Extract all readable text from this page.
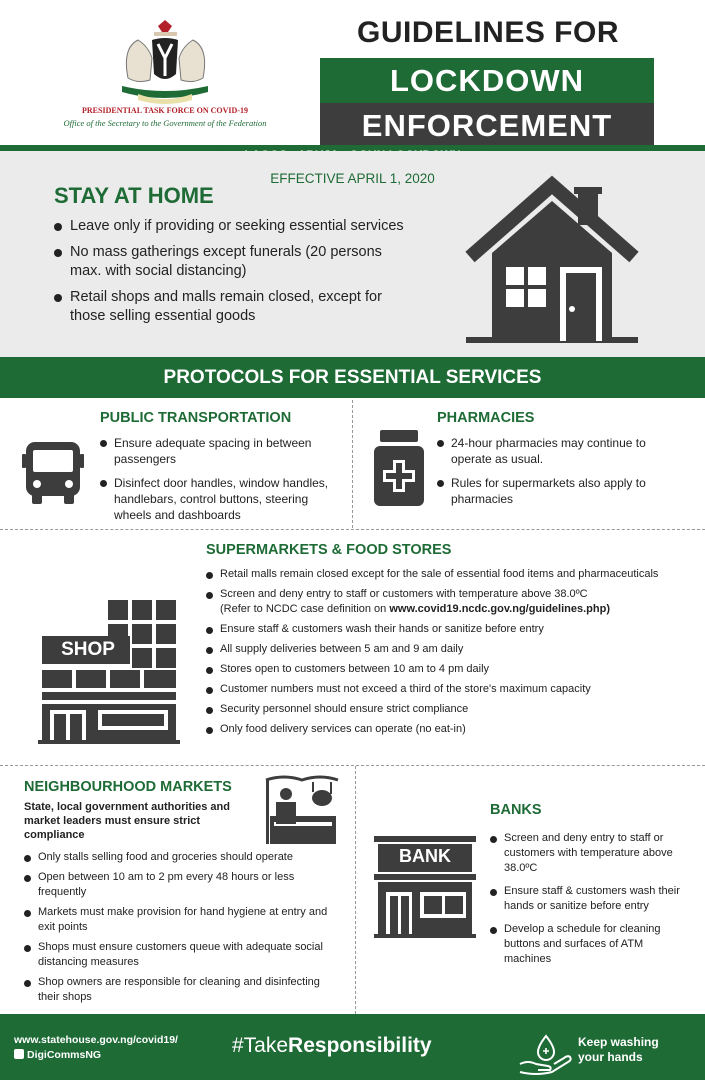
PRESIDENTIAL TASK FORCE ON COVID-19
Office of the Secretary to the Government of the Federation
GUIDELINES FOR
LOCKDOWN
ENFORCEMENT
EFFECTIVE APRIL 1, 2020
STAY AT HOME
Leave only if providing or seeking essential services
No mass gatherings except funerals (20 persons max. with social distancing)
Retail shops and malls remain closed, except for those selling essential goods
PROTOCOLS FOR ESSENTIAL SERVICES
PUBLIC TRANSPORTATION
Ensure adequate spacing in between passengers
Disinfect door handles, window handles, handlebars, control buttons, steering wheels and dashboards
PHARMACIES
24-hour pharmacies may continue to operate as usual.
Rules for supermarkets also apply to pharmacies
SUPERMARKETS & FOOD STORES
SHOP
Retail malls remain closed except for the sale of essential food items and pharmaceuticals
Screen and deny entry to staff or customers with temperature above 38.0ºC
(Refer to NCDC case definition on www.covid19.ncdc.gov.ng/guidelines.php)
Ensure staff & customers wash their hands or sanitize before entry
All supply deliveries between 5 am and 9 am daily
Stores open to customers between 10 am to 4 pm daily
Customer numbers must not exceed a third of the store's maximum capacity
Security personnel should ensure strict compliance
Only food delivery services can operate (no eat-in)
NEIGHBOURHOOD MARKETS
State, local government authorities and market leaders must ensure strict compliance
Only stalls selling food and groceries should operate
Open between 10 am to 2 pm every 48 hours or less frequently
Markets must make provision for hand hygiene at entry and exit points
Shops must ensure customers queue with adequate social distancing measures
Shop owners are responsible for cleaning and disinfecting their shops
BANKS
BANK
Screen and deny entry to staff or customers with temperature above 38.0ºC
Ensure staff & customers wash their hands or sanitize before entry
Develop a schedule for cleaning buttons and surfaces of ATM machines
www.statehouse.gov.ng/covid19/
DigiCommsNG	#TakeResponsibility	Keep washing your hands
